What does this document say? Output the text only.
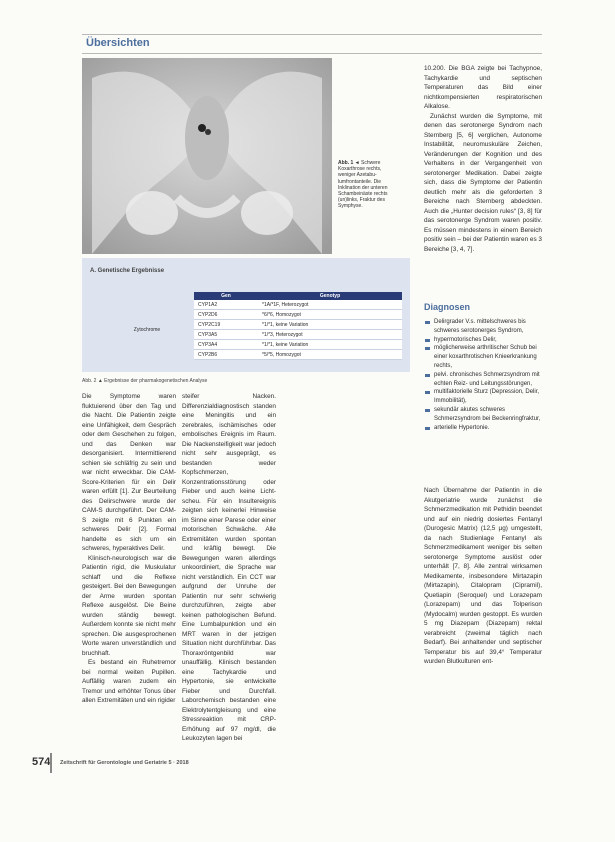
Übersichten
Abb. 1 ◄ Schwere
Koxarthrose rechts,
weniger Azetabu-
lumfrontanteile. Die
Inklination der unteren
Schambeinäste rechts
(un)links, Fraktur des
Symphyse.
A. Genetische Ergebnisse
	Gen	Genotyp
Zytochrome	CYP1A2	*1A/*1F, Heterozygot
	CYP2D6	*6/*6, Homozygot
	CYP2C19	*1/*1, keine Variation
	CYP3A5	*1/*3, Heterozygot
	CYP3A4	*1/*1, keine Variation
	CYP2B6	*5/*5, Homozygot
Abb. 2 ▲ Ergebnisse der pharmakogenetischen Analyse

Die Symptome waren fluktuierend über den Tag und die Nacht. Die Patientin zeigte eine Unfähigkeit, dem Gespräch oder dem Geschehen zu folgen, und das Denken war desorganisiert. Intermittierend schien sie schläfrig zu sein und war nicht erweckbar. Die CAM-Score-Kriterien für ein Delir waren erfüllt [1]. Zur Beurteilung des Delirschwere wurde der CAM-S durchgeführt. Der CAM-S zeigte mit 6 Punkten ein schweres Delir [2]. Formal handelte es sich um ein schweres, hyperaktives Delir.

Klinisch-neurologisch war die Patientin rigid, die Muskulatur schlaff und die Reflexe gesteigert. Bei den Bewegungen der Arme wurden spontan Reflexe ausgelöst. Die Beine wurden ständig bewegt. Außerdem konnte sie nicht mehr sprechen. Die ausgesprochenen Worte waren unverständlich und bruchhaft.

Es bestand ein Ruhetremor bei normal weiten Pupillen. Auffällig waren zudem ein Tremor und erhöhter Tonus über allen Extremitäten und ein rigider

steifer Nacken. Differenzialdiagnostisch standen eine Meningitis und ein zerebrales, ischämisches oder embolisches Ereignis im Raum. Die Nackensteifigkeit war jedoch nicht sehr ausgeprägt, es bestanden weder Kopfschmerzen, Konzentrationsstörung oder Fieber und auch keine Licht-scheu. Für ein Insultereignis zeigten sich keinerlei Hinweise im Sinne einer Parese oder einer motorischen Schwäche. Alle Extremitäten wurden spontan und kräftig bewegt. Die Bewegungen waren allerdings unkoordiniert, die Sprache war nicht verständlich. Ein CCT war aufgrund der Unruhe der Patientin nur sehr schwierig durchzuführen, zeigte aber keinen pathologischen Befund. Eine Lumbalpunktion und ein MRT waren in der jetzigen Situation nicht durchführbar. Das Thoraxröntgenbild war unauffällig. Klinisch bestanden eine Tachykardie und Hypertonie, sie entwickelte Fieber und Durchfall. Laborchemisch bestanden eine Elektrolytentgleisung und eine Stressreaktion mit CRP-Erhöhung auf 97 mg/dl, die Leukozyten lagen bei

10.200. Die BGA zeigte bei Tachypnoe, Tachykardie und septischen Temperaturen das Bild einer nichtkompensierten respiratorischen Alkalose.

Zunächst wurden die Symptome, mit denen das serotonerge Syndrom nach Sternberg [5, 6] verglichen, Autonome Instabilität, neuromuskuläre Zeichen, Veränderungen der Kognition und des Verhaltens in der Vergangenheit von serotonerger Medikation. Dabei zeigte sich, dass die Symptome der Patientin deutlich mehr als die geforderten 3 Bereiche nach Sternberg abdeckten. Auch die „Hunter decision rules“ [3, 8] für das serotonerge Syndrom waren positiv. Es müssen mindestens in einem Bereich positiv sein – bei der Patientin waren es 3 Bereiche [3, 4, 7].

Diagnosen
Delirgrader V.s. mittelschweres bis schweres serotonerges Syndrom,
hypermotorisches Delir,
möglicherweise arthritischer Schub bei einer koxarthrotischen Knieerkrankung rechts,
pelvi. chronisches Schmerzsyndrom mit echten Reiz- und Leitungsstörungen,
multifaktorielle Sturz (Depression, Delir, Immobilität),
sekundär akutes schweres Schmerzsyndrom bei Beckenringfraktur,
arterielle Hypertonie.

Nach Übernahme der Patientin in die Akutgeriatrie wurde zunächst die Schmerzmedikation mit Pethidin beendet und auf ein niedrig dosiertes Fentanyl (Durogesic Matrix) (12,5 µg) umgestellt, da nach Studienlage Fentanyl als Schmerzmedikament weniger bis selten serotonerge Symptome auslöst oder unterhält [7, 8]. Alle zentral wirksamen Medikamente, insbesondere Mirtazapin (Mirtazapin), Citalopram (Cipramil), Quetiapin (Seroquel) und Lorazepam (Lorazepam) und das Tolperison (Mydocalm) wurden gestoppt. Es wurden 5 mg Diazepam (Diazepam) rektal verabreicht (zweimal täglich nach Bedarf). Bei anhaltender und septischer Temperatur bis auf 39,4° Temperatur wurden Blutkulturen ent-

574 Zeitschrift für Gerontologie und Geriatrie 5 · 2018
